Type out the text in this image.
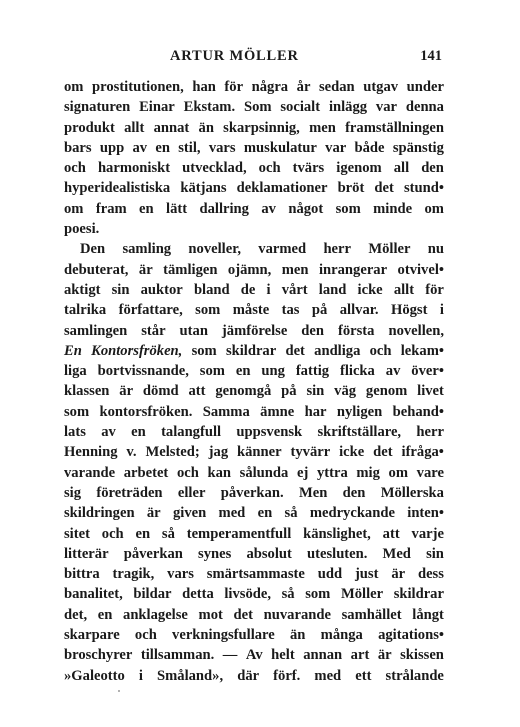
ARTUR MÖLLER	141
om prostitutionen, han för några år sedan utgav under
signaturen Einar Ekstam. Som socialt inlägg var denna
produkt allt annat än skarpsinnig, men framställningen
bars upp av en stil, vars muskulatur var både spänstig
och harmoniskt utvecklad, och tvärs igenom all den
hyperidealistiska kätjans deklamationer bröt det stund•
om fram en lätt dallring av något som minde om
poesi.
Den samling noveller, varmed herr Möller nu
debuterat, är tämligen ojämn, men inrangerar otvivel•
aktigt sin auktor bland de i vårt land icke allt för
talrika författare, som måste tas på allvar. Högst i
samlingen står utan jämförelse den första novellen,
En Kontorsfröken, som skildrar det andliga och lekam•
liga bortvissnande, som en ung fattig flicka av över•
klassen är dömd att genomgå på sin väg genom livet
som kontorsfröken. Samma ämne har nyligen behand•
lats av en talangfull uppsvensk skriftställare, herr
Henning v. Melsted; jag känner tyvärr icke det ifråga•
varande arbetet och kan sålunda ej yttra mig om vare
sig företräden eller påverkan. Men den Möllerska
skildringen är given med en så medryckande inten•
sitet och en så temperamentfull känslighet, att varje
litterär påverkan synes absolut utesluten. Med sin
bittra tragik, vars smärtsammaste udd just är dess
banalitet, bildar detta livsöde, så som Möller skildrar
det, en anklagelse mot det nuvarande samhället långt
skarpare och verkningsfullare än många agitations•
broschyrer tillsamman. — Av helt annan art är skissen
»Galeotto i Småland», där förf. med ett strålande
